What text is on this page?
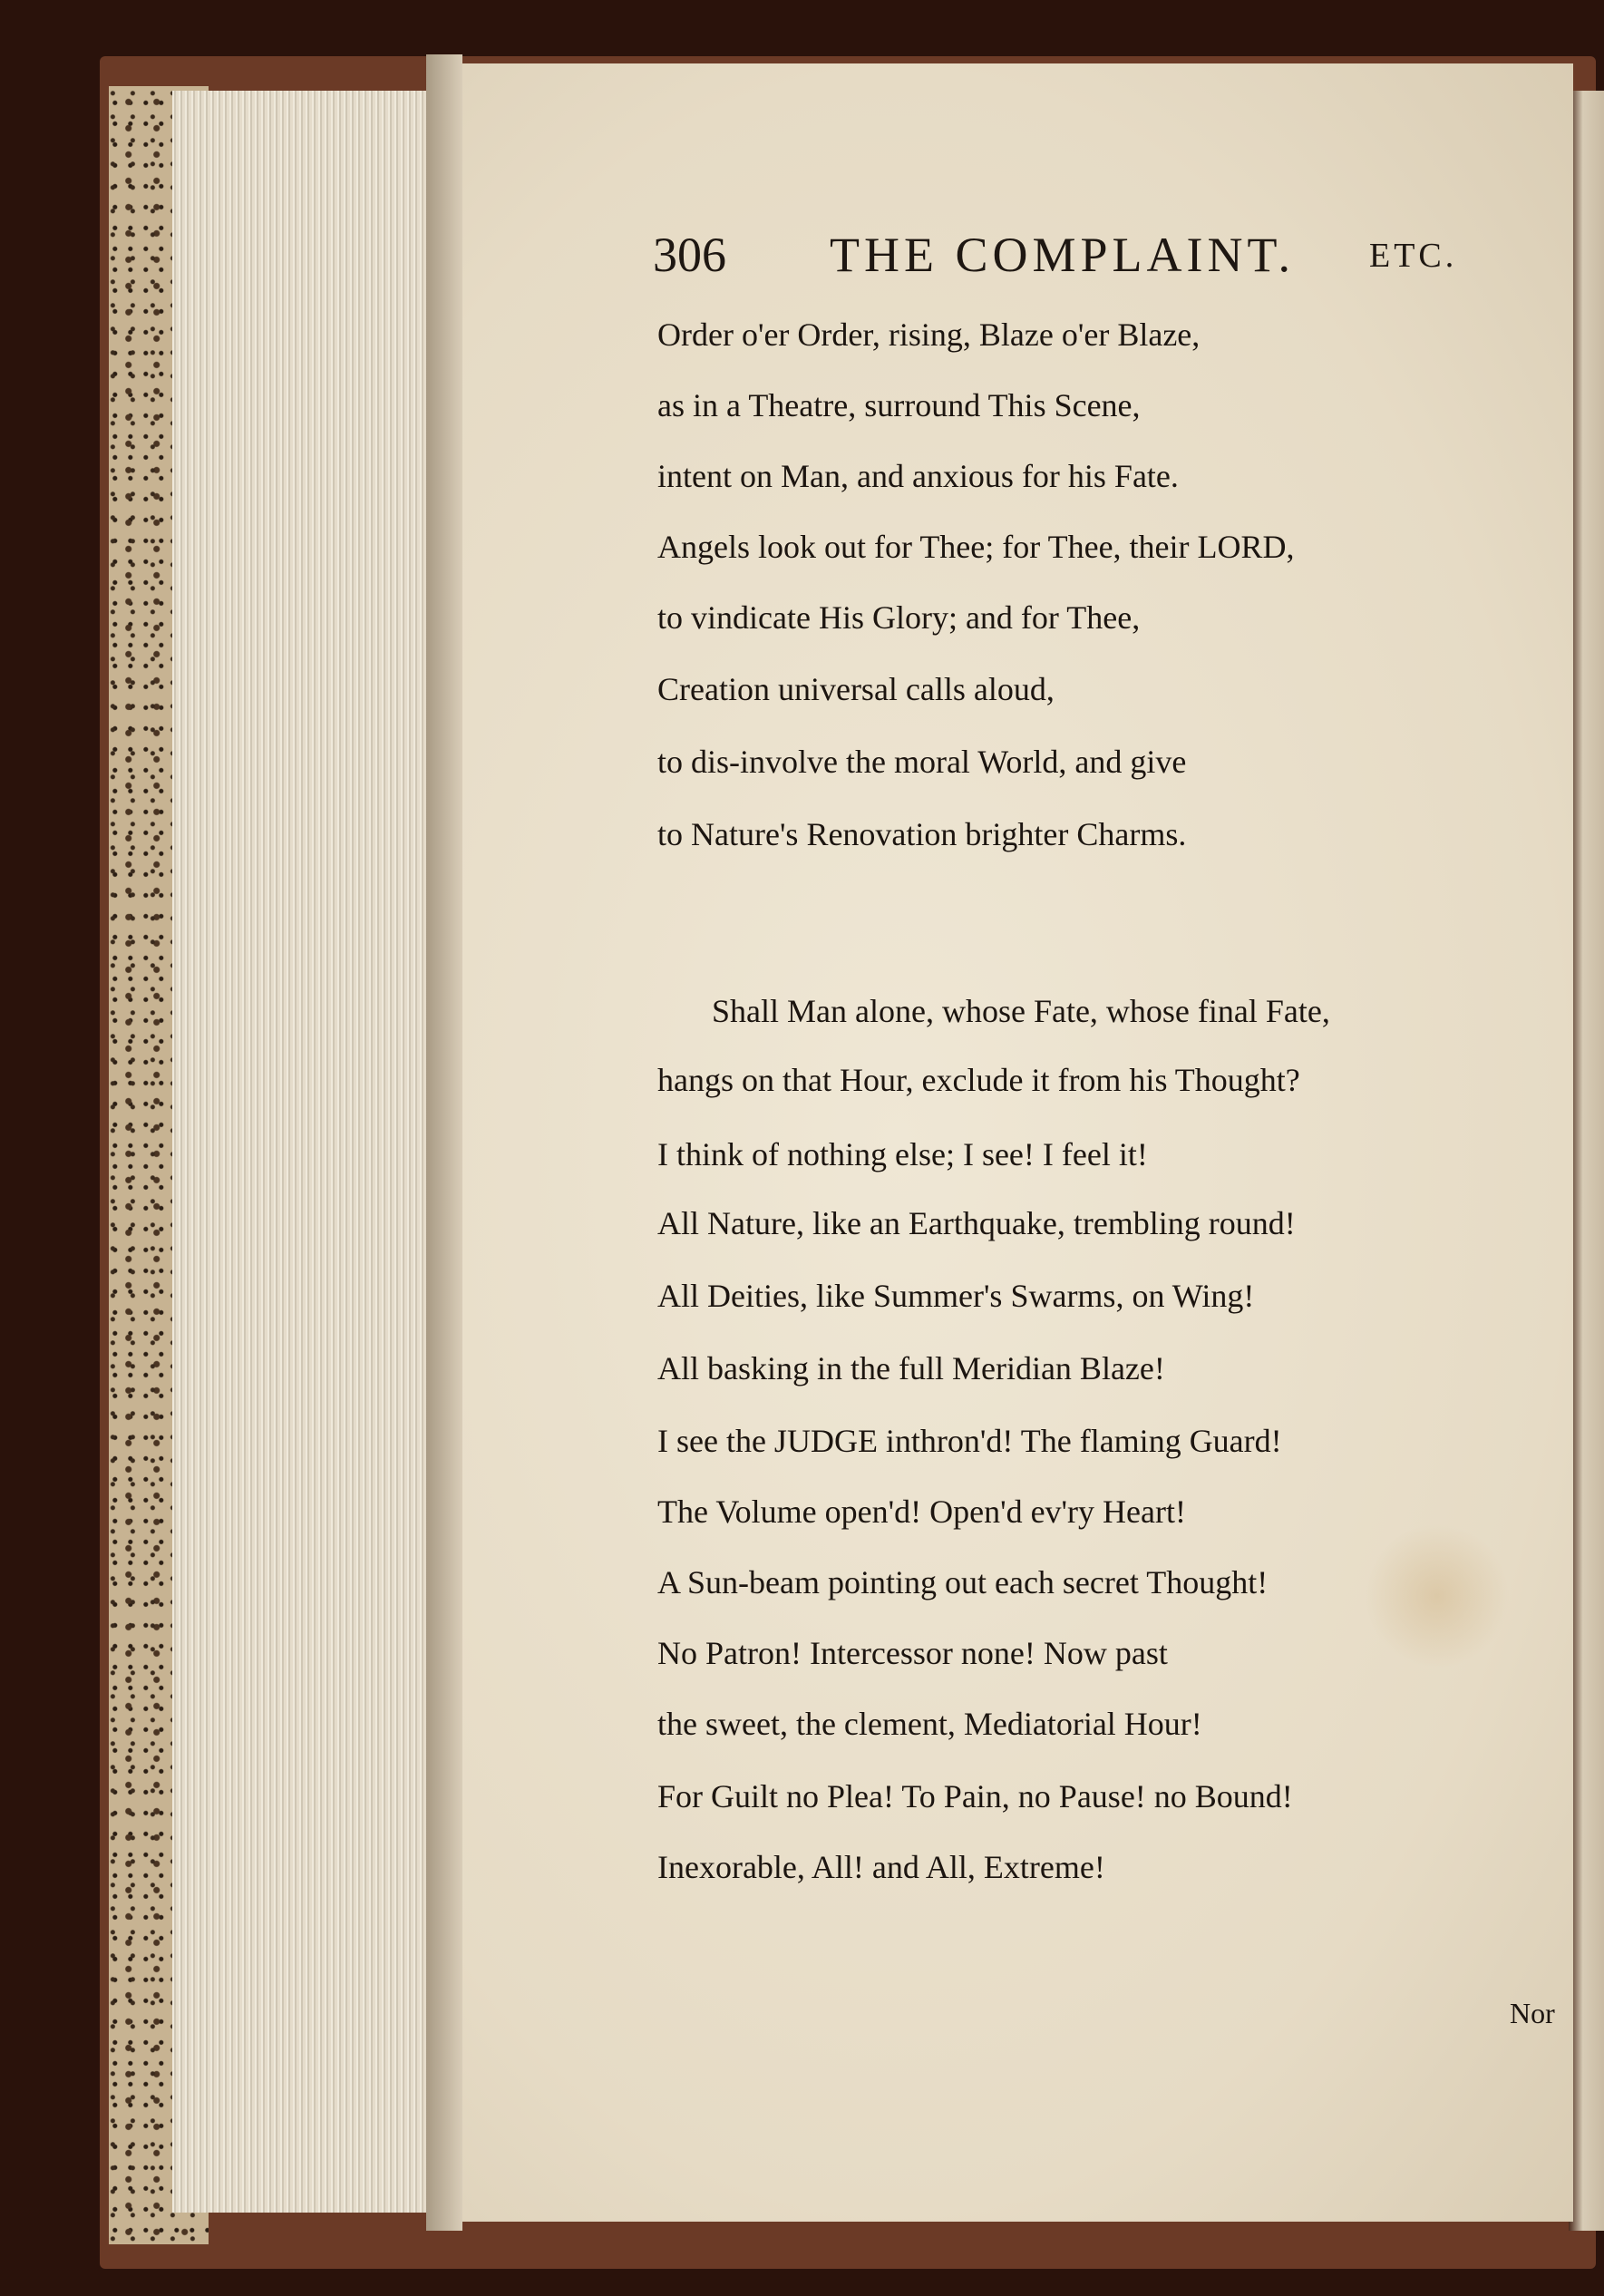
306 THE COMPLAINT. ETC.
Order o'er Order, rising, Blaze o'er Blaze,
as in a Theatre, surround This Scene,
intent on Man, and anxious for his Fate.
Angels look out for Thee; for Thee, their LORD,
to vindicate His Glory; and for Thee,
Creation universal calls aloud,
to dis-involve the moral World, and give
to Nature's Renovation brighter Charms.
Shall Man alone, whose Fate, whose final Fate,
hangs on that Hour, exclude it from his Thought?
I think of nothing else; I see! I feel it!
All Nature, like an Earthquake, trembling round!
All Deities, like Summer's Swarms, on Wing!
All basking in the full Meridian Blaze!
I see the JUDGE inthron'd! The flaming Guard!
The Volume open'd! Open'd ev'ry Heart!
A Sun-beam pointing out each secret Thought!
No Patron! Intercessor none! Now past
the sweet, the clement, Mediatorial Hour!
For Guilt no Plea! To Pain, no Pause! no Bound!
Inexorable, All! and All, Extreme!
Nor
